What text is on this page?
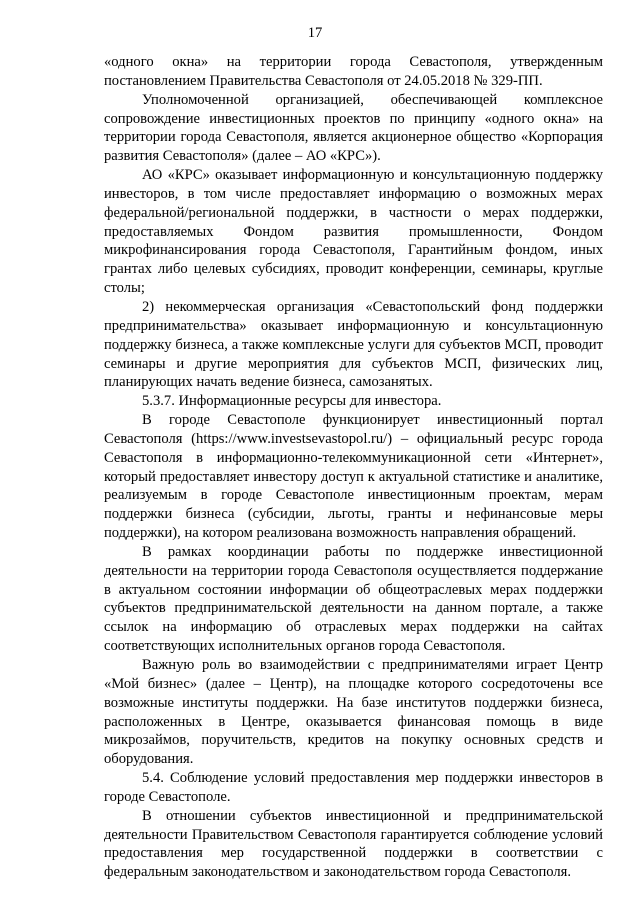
17

«одного окна» на территории города Севастополя, утвержденным постановлением Правительства Севастополя от 24.05.2018 № 329-ПП.

Уполномоченной организацией, обеспечивающей комплексное сопровождение инвестиционных проектов по принципу «одного окна» на территории города Севастополя, является акционерное общество «Корпорация развития Севастополя» (далее – АО «КРС»).

АО «КРС» оказывает информационную и консультационную поддержку инвесторов, в том числе предоставляет информацию о возможных мерах федеральной/региональной поддержки, в частности о мерах поддержки, предоставляемых Фондом развития промышленности, Фондом микрофинансирования города Севастополя, Гарантийным фондом, иных грантах либо целевых субсидиях, проводит конференции, семинары, круглые столы;

2) некоммерческая организация «Севастопольский фонд поддержки предпринимательства» оказывает информационную и консультационную поддержку бизнеса, а также комплексные услуги для субъектов МСП, проводит семинары и другие мероприятия для субъектов МСП, физических лиц, планирующих начать ведение бизнеса, самозанятых.

5.3.7. Информационные ресурсы для инвестора.

В городе Севастополе функционирует инвестиционный портал Севастополя (https://www.investsevastopol.ru/) – официальный ресурс города Севастополя в информационно-телекоммуникационной сети «Интернет», который предоставляет инвестору доступ к актуальной статистике и аналитике, реализуемым в городе Севастополе инвестиционным проектам, мерам поддержки бизнеса (субсидии, льготы, гранты и нефинансовые меры поддержки), на котором реализована возможность направления обращений.

В рамках координации работы по поддержке инвестиционной деятельности на территории города Севастополя осуществляется поддержание в актуальном состоянии информации об общеотраслевых мерах поддержки субъектов предпринимательской деятельности на данном портале, а также ссылок на информацию об отраслевых мерах поддержки на сайтах соответствующих исполнительных органов города Севастополя.

Важную роль во взаимодействии с предпринимателями играет Центр «Мой бизнес» (далее – Центр), на площадке которого сосредоточены все возможные институты поддержки. На базе институтов поддержки бизнеса, расположенных в Центре, оказывается финансовая помощь в виде микрозаймов, поручительств, кредитов на покупку основных средств и оборудования.

5.4. Соблюдение условий предоставления мер поддержки инвесторов в городе Севастополе.

В отношении субъектов инвестиционной и предпринимательской деятельности Правительством Севастополя гарантируется соблюдение условий предоставления мер государственной поддержки в соответствии с федеральным законодательством и законодательством города Севастополя.
